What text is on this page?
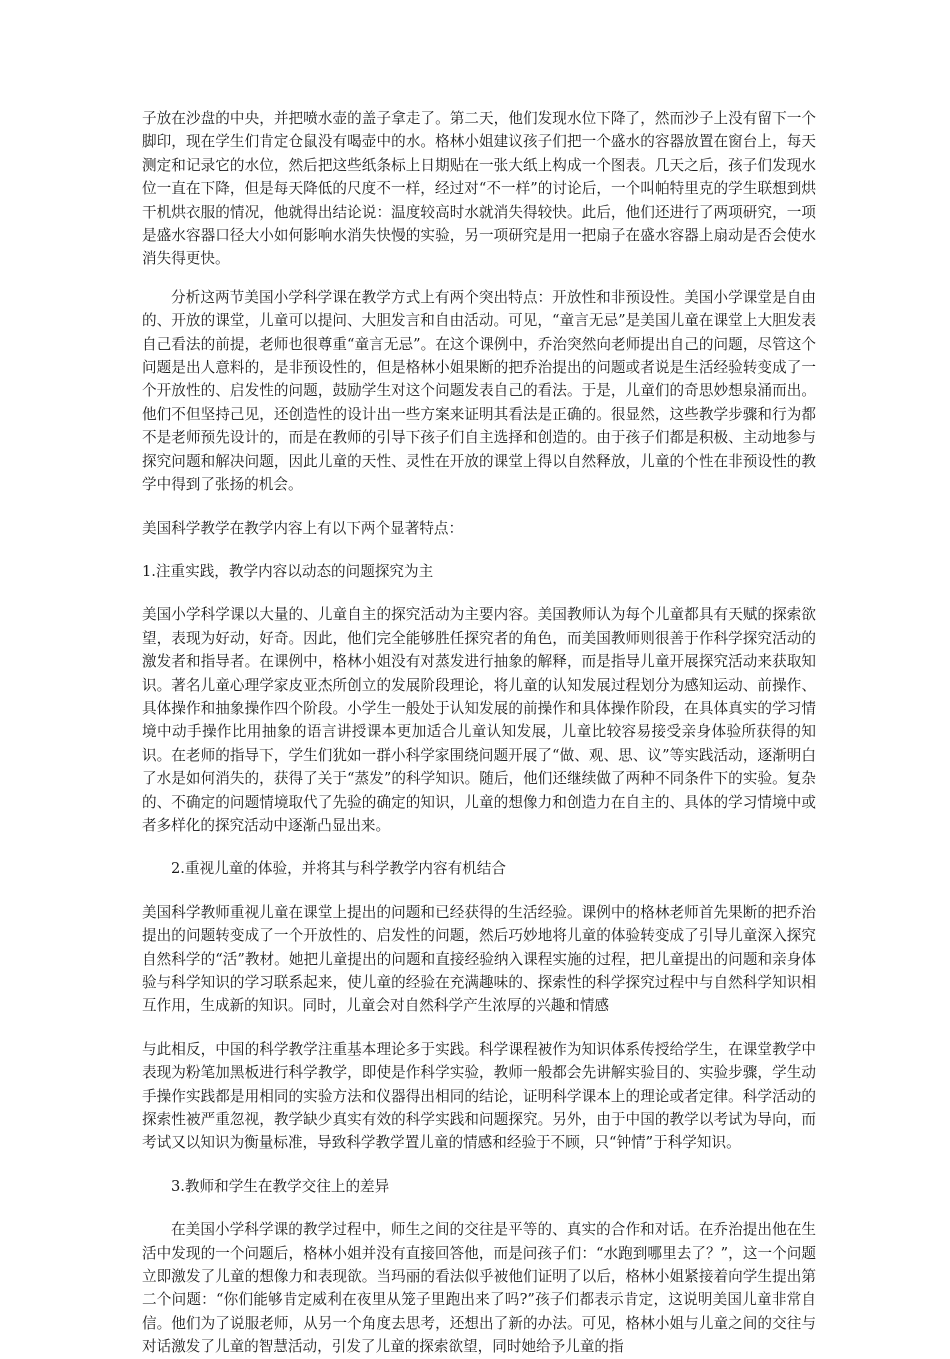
子放在沙盘的中央，并把喷水壶的盖子拿走了。第二天，他们发现水位下降了，然而沙子上没有留下一个脚印，现在学生们肯定仓鼠没有喝壶中的水。格林小姐建议孩子们把一个盛水的容器放置在窗台上，每天测定和记录它的水位，然后把这些纸条标上日期贴在一张大纸上构成一个图表。几天之后，孩子们发现水位一直在下降，但是每天降低的尺度不一样，经过对“不一样”的讨论后，一个叫帕特里克的学生联想到烘干机烘衣服的情况，他就得出结论说：温度较高时水就消失得较快。此后，他们还进行了两项研究，一项是盛水容器口径大小如何影响水消失快慢的实验，另一项研究是用一把扇子在盛水容器上扇动是否会使水消失得更快。

分析这两节美国小学科学课在教学方式上有两个突出特点：开放性和非预设性。美国小学课堂是自由的、开放的课堂，儿童可以提问、大胆发言和自由活动。可见，“童言无忌”是美国儿童在课堂上大胆发表自己看法的前提，老师也很尊重“童言无忌”。在这个课例中，乔治突然向老师提出自己的问题，尽管这个问题是出人意料的，是非预设性的，但是格林小姐果断的把乔治提出的问题或者说是生活经验转变成了一个开放性的、启发性的问题，鼓励学生对这个问题发表自己的看法。于是，儿童们的奇思妙想泉涌而出。他们不但坚持己见，还创造性的设计出一些方案来证明其看法是正确的。很显然，这些教学步骤和行为都不是老师预先设计的，而是在教师的引导下孩子们自主选择和创造的。由于孩子们都是积极、主动地参与探究问题和解决问题，因此儿童的天性、灵性在开放的课堂上得以自然释放，儿童的个性在非预设性的教学中得到了张扬的机会。

美国科学教学在教学内容上有以下两个显著特点：

1.注重实践，教学内容以动态的问题探究为主

美国小学科学课以大量的、儿童自主的探究活动为主要内容。美国教师认为每个儿童都具有天赋的探索欲望，表现为好动，好奇。因此，他们完全能够胜任探究者的角色，而美国教师则很善于作科学探究活动的激发者和指导者。在课例中，格林小姐没有对蒸发进行抽象的解释，而是指导儿童开展探究活动来获取知识。著名儿童心理学家皮亚杰所创立的发展阶段理论，将儿童的认知发展过程划分为感知运动、前操作、具体操作和抽象操作四个阶段。小学生一般处于认知发展的前操作和具体操作阶段，在具体真实的学习情境中动手操作比用抽象的语言讲授课本更加适合儿童认知发展，儿童比较容易接受亲身体验所获得的知识。在老师的指导下，学生们犹如一群小科学家围绕问题开展了“做、观、思、议”等实践活动，逐渐明白了水是如何消失的，获得了关于“蒸发”的科学知识。随后，他们还继续做了两种不同条件下的实验。复杂的、不确定的问题情境取代了先验的确定的知识，儿童的想像力和创造力在自主的、具体的学习情境中或者多样化的探究活动中逐渐凸显出来。

2.重视儿童的体验，并将其与科学教学内容有机结合

美国科学教师重视儿童在课堂上提出的问题和已经获得的生活经验。课例中的格林老师首先果断的把乔治提出的问题转变成了一个开放性的、启发性的问题，然后巧妙地将儿童的体验转变成了引导儿童深入探究自然科学的“活”教材。她把儿童提出的问题和直接经验纳入课程实施的过程，把儿童提出的问题和亲身体验与科学知识的学习联系起来，使儿童的经验在充满趣味的、探索性的科学探究过程中与自然科学知识相互作用，生成新的知识。同时，儿童会对自然科学产生浓厚的兴趣和情感

与此相反，中国的科学教学注重基本理论多于实践。科学课程被作为知识体系传授给学生，在课堂教学中表现为粉笔加黑板进行科学教学，即使是作科学实验，教师一般都会先讲解实验目的、实验步骤，学生动手操作实践都是用相同的实验方法和仪器得出相同的结论，证明科学课本上的理论或者定律。科学活动的探索性被严重忽视，教学缺少真实有效的科学实践和问题探究。另外，由于中国的教学以考试为导向，而考试又以知识为衡量标准，导致科学教学置儿童的情感和经验于不顾，只“钟情”于科学知识。

3.教师和学生在教学交往上的差异

在美国小学科学课的教学过程中，师生之间的交往是平等的、真实的合作和对话。在乔治提出他在生活中发现的一个问题后，格林小姐并没有直接回答他，而是问孩子们：“水跑到哪里去了？”，这一个问题立即激发了儿童的想像力和表现欲。当玛丽的看法似乎被他们证明了以后，格林小姐紧接着向学生提出第二个问题：“你们能够肯定威利在夜里从笼子里跑出来了吗?”孩子们都表示肯定，这说明美国儿童非常自信。他们为了说服老师，从另一个角度去思考，还想出了新的办法。可见，格林小姐与儿童之间的交往与对话激发了儿童的智慧活动，引发了儿童的探索欲望，同时她给予儿童的指
